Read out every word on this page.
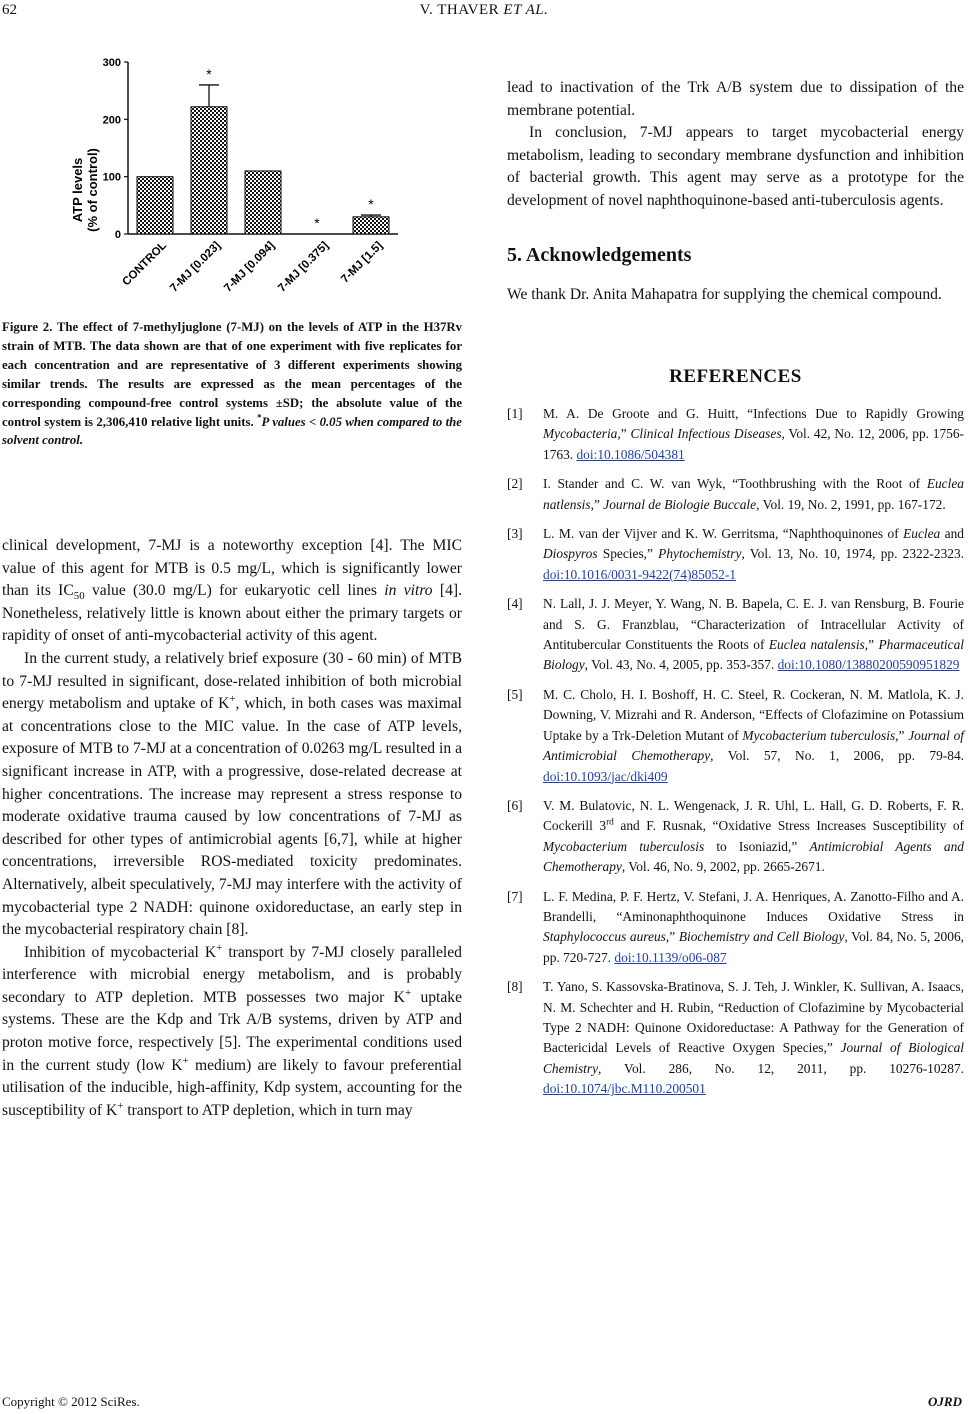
62	V. THAVER ET AL.
ATP levels (% of control)
0
100
200
300
CONTROL
*
7-MJ [0.023]
7-MJ [0.094]
*
7-MJ [0.375]
*
7-MJ [1.5]
Figure 2. The effect of 7-methyljuglone (7-MJ) on the levels of ATP in the H37Rv strain of MTB. The data shown are that of one experiment with five replicates for each concentration and are representative of 3 different experiments showing similar trends. The results are expressed as the mean percentages of the corresponding compound-free control systems ±SD; the absolute value of the control system is 2,306,410 relative light units. *P values < 0.05 when compared to the solvent control.

clinical development, 7-MJ is a noteworthy exception [4]. The MIC value of this agent for MTB is 0.5 mg/L, which is significantly lower than its $IC_{50}$ value (30.0 mg/L) for eukaryotic cell lines in vitro [4]. Nonetheless, relatively little is known about either the primary targets or rapidity of onset of anti-mycobacterial activity of this agent.

In the current study, a relatively brief exposure (30 - 60 min) of MTB to 7-MJ resulted in significant, dose-related inhibition of both microbial energy metabolism and uptake of K+, which, in both cases was maximal at concentrations close to the MIC value. In the case of ATP levels, exposure of MTB to 7-MJ at a concentration of 0.0263 mg/L resulted in a significant increase in ATP, with a progressive, dose-related decrease at higher concentrations. The increase may represent a stress response to moderate oxidative trauma caused by low concentrations of 7-MJ as described for other types of antimicrobial agents [6,7], while at higher concentrations, irreversible ROS-mediated toxicity predominates. Alternatively, albeit speculatively, 7-MJ may interfere with the activity of mycobacterial type 2 NADH: quinone oxidoreductase, an early step in the mycobacterial respiratory chain [8].

Inhibition of mycobacterial K+ transport by 7-MJ closely paralleled interference with microbial energy metabolism, and is probably secondary to ATP depletion. MTB possesses two major K+ uptake systems. These are the Kdp and Trk A/B systems, driven by ATP and proton motive force, respectively [5]. The experimental conditions used in the current study (low K+ medium) are likely to favour preferential utilisation of the inducible, high-affinity, Kdp system, accounting for the susceptibility of K+ transport to ATP depletion, which in turn may

lead to inactivation of the Trk A/B system due to dissipation of the membrane potential.

In conclusion, 7-MJ appears to target mycobacterial energy metabolism, leading to secondary membrane dysfunction and inhibition of bacterial growth. This agent may serve as a prototype for the development of novel naphthoquinone-based anti-tuberculosis agents.

5. Acknowledgements
We thank Dr. Anita Mahapatra for supplying the chemical compound.
REFERENCES
[1] M. A. De Groote and G. Huitt, “Infections Due to Rapidly Growing Mycobacteria,” Clinical Infectious Diseases, Vol. 42, No. 12, 2006, pp. 1756-1763. doi:10.1086/504381
[2] I. Stander and C. W. van Wyk, “Toothbrushing with the Root of Euclea natlensis,” Journal de Biologie Buccale, Vol. 19, No. 2, 1991, pp. 167-172.
[3] L. M. van der Vijver and K. W. Gerritsma, “Naphthoquinones of Euclea and Diospyros Species,” Phytochemistry, Vol. 13, No. 10, 1974, pp. 2322-2323. doi:10.1016/0031-9422(74)85052-1
[4] N. Lall, J. J. Meyer, Y. Wang, N. B. Bapela, C. E. J. van Rensburg, B. Fourie and S. G. Franzblau, “Characterization of Intracellular Activity of Antitubercular Constituents the Roots of Euclea natalensis,” Pharmaceutical Biology, Vol. 43, No. 4, 2005, pp. 353-357. doi:10.1080/13880200590951829
[5] M. C. Cholo, H. I. Boshoff, H. C. Steel, R. Cockeran, N. M. Matlola, K. J. Downing, V. Mizrahi and R. Anderson, “Effects of Clofazimine on Potassium Uptake by a Trk-Deletion Mutant of Mycobacterium tuberculosis,” Journal of Antimicrobial Chemotherapy, Vol. 57, No. 1, 2006, pp. 79-84. doi:10.1093/jac/dki409
[6] V. M. Bulatovic, N. L. Wengenack, J. R. Uhl, L. Hall, G. D. Roberts, F. R. Cockerill 3rd and F. Rusnak, “Oxidative Stress Increases Susceptibility of Mycobacterium tuberculosis to Isoniazid,” Antimicrobial Agents and Chemotherapy, Vol. 46, No. 9, 2002, pp. 2665-2671.
[7] L. F. Medina, P. F. Hertz, V. Stefani, J. A. Henriques, A. Zanotto-Filho and A. Brandelli, “Aminonaphthoquinone Induces Oxidative Stress in Staphylococcus aureus,” Biochemistry and Cell Biology, Vol. 84, No. 5, 2006, pp. 720-727. doi:10.1139/o06-087
[8] T. Yano, S. Kassovska-Bratinova, S. J. Teh, J. Winkler, K. Sullivan, A. Isaacs, N. M. Schechter and H. Rubin, “Reduction of Clofazimine by Mycobacterial Type 2 NADH: Quinone Oxidoreductase: A Pathway for the Generation of Bactericidal Levels of Reactive Oxygen Species,” Journal of Biological Chemistry, Vol. 286, No. 12, 2011, pp. 10276-10287. doi:10.1074/jbc.M110.200501
Copyright © 2012 SciRes.	OJRD
